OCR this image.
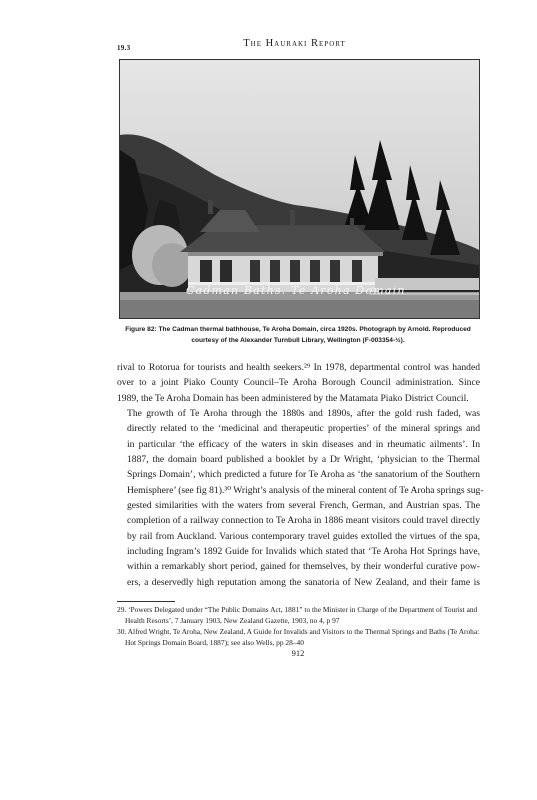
19.3	The Hauraki Report
Cadman Baths. Te Aroha Domain
Figure 82: The Cadman thermal bathhouse, Te Aroha Domain, circa 1920s. Photograph by Arnold. Reproduced courtesy of the Alexander Turnbull Library, Wellington (F-003354-½).

rival to Rotorua for tourists and health seekers.²⁹ In 1978, departmental control was handed
over to a joint Piako County Council–Te Aroha Borough Council administration. Since
1989, the Te Aroha Domain has been administered by the Matamata Piako District Council.

The growth of Te Aroha through the 1880s and 1890s, after the gold rush faded, was
directly related to the ‘medicinal and therapeutic properties’ of the mineral springs and
in particular ‘the efficacy of the waters in skin diseases and in rheumatic ailments’. In
1887, the domain board published a booklet by a Dr Wright, ‘physician to the Thermal
Springs Domain’, which predicted a future for Te Aroha as ‘the sanatorium of the Southern
Hemisphere’ (see fig 81).³⁰ Wright’s analysis of the mineral content of Te Aroha springs sug-
gested similarities with the waters from several French, German, and Austrian spas. The
completion of a railway connection to Te Aroha in 1886 meant visitors could travel directly
by rail from Auckland. Various contemporary travel guides extolled the virtues of the spa,
including Ingram’s 1892 Guide for Invalids which stated that ‘Te Aroha Hot Springs have,
within a remarkably short period, gained for themselves, by their wonderful curative pow-
ers, a deservedly high reputation among the sanatoria of New Zealand, and their fame is

29. ‘Powers Delegated under “The Public Domains Act, 1881” to the Minister in Charge of the Department of Tourist and Health Resorts’, 7 January 1903, New Zealand Gazette, 1903, no 4, p 97

30. Alfred Wright, Te Aroha, New Zealand, A Guide for Invalids and Visitors to the Thermal Springs and Baths (Te Aroha: Hot Springs Domain Board, 1887); see also Wells, pp 28–40

912
